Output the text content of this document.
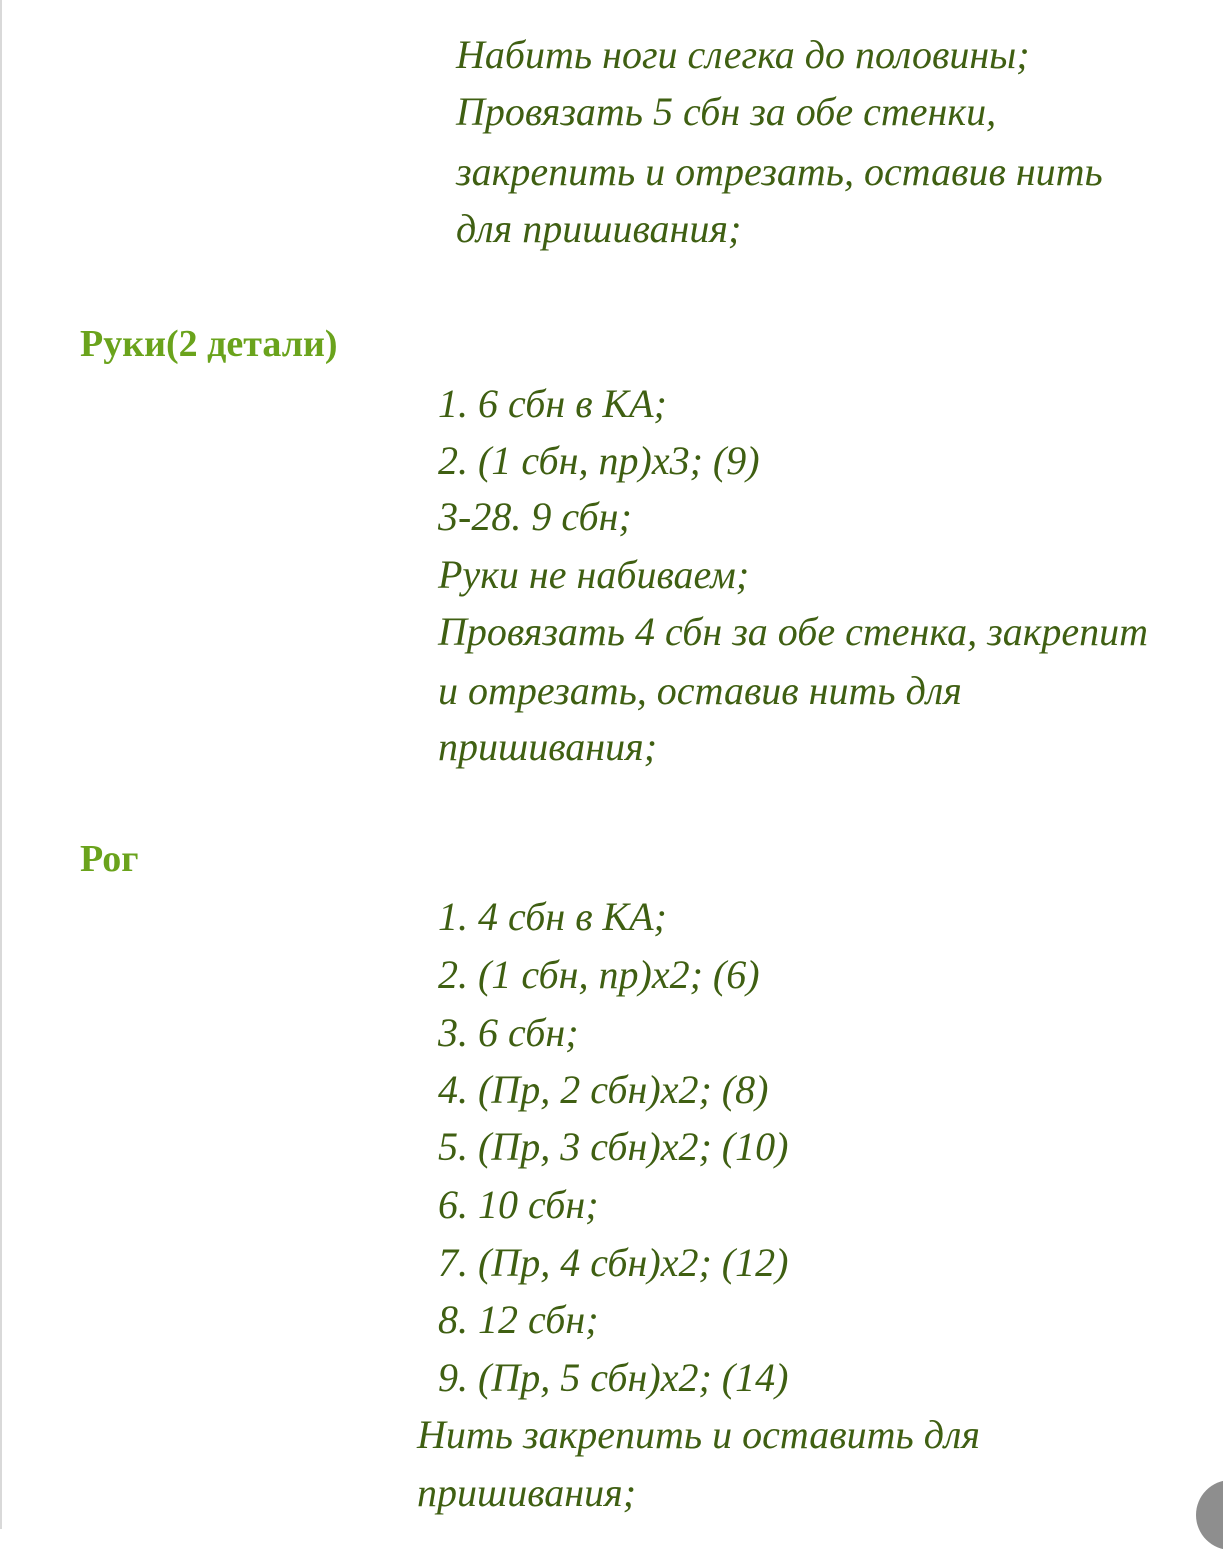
Набить ноги слегка до половины;
Провязать 5 сбн за обе стенки,
закрепить и отрезать, оставив нить
для пришивания;
Руки(2 детали)
1. 6 сбн в КА;
2. (1 сбн, пр)х3; (9)
3-28. 9 сбн;
Руки не набиваем;
Провязать 4 сбн за обе стенка, закрепит
и отрезать, оставив нить для
пришивания;
Рог
1. 4 сбн в КА;
2. (1 сбн, пр)х2; (6)
3. 6 сбн;
4. (Пр, 2 сбн)х2; (8)
5. (Пр, 3 сбн)х2; (10)
6. 10 сбн;
7. (Пр, 4 сбн)х2; (12)
8. 12 сбн;
9. (Пр, 5 сбн)х2; (14)
Нить закрепить и оставить для
пришивания;
